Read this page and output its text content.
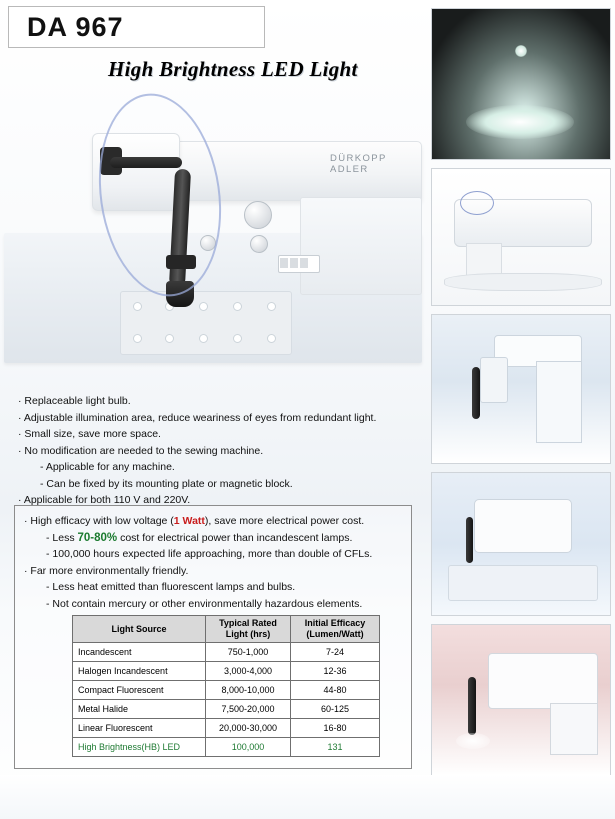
DA 967
High Brightness LED Light
DÜRKOPP ADLER
· Replaceable light bulb.
· Adjustable illumination area, reduce weariness of eyes from redundant light.
· Small size, save more space.
· No modification are needed to the sewing machine.
- Applicable for any machine.
- Can be fixed by its mounting plate or magnetic block.
· Applicable for both 110 V and 220V.
· High efficacy with low voltage (1 Watt), save more electrical power cost.
- Less 70-80% cost for electrical power than incandescent lamps.
- 100,000 hours expected life approaching, more than double of CFLs.
· Far more environmentally friendly.
- Less heat emitted than fluorescent lamps and bulbs.
- Not contain mercury or other environmentally hazardous elements.
Light Source	Typical Rated Light (hrs)	Initial Efficacy (Lumen/Watt)
Incandescent	750-1,000	7-24
Halogen Incandescent	3,000-4,000	12-36
Compact Fluorescent	8,000-10,000	44-80
Metal Halide	7,500-20,000	60-125
Linear Fluorescent	20,000-30,000	16-80
High Brightness(HB) LED	100,000	131
